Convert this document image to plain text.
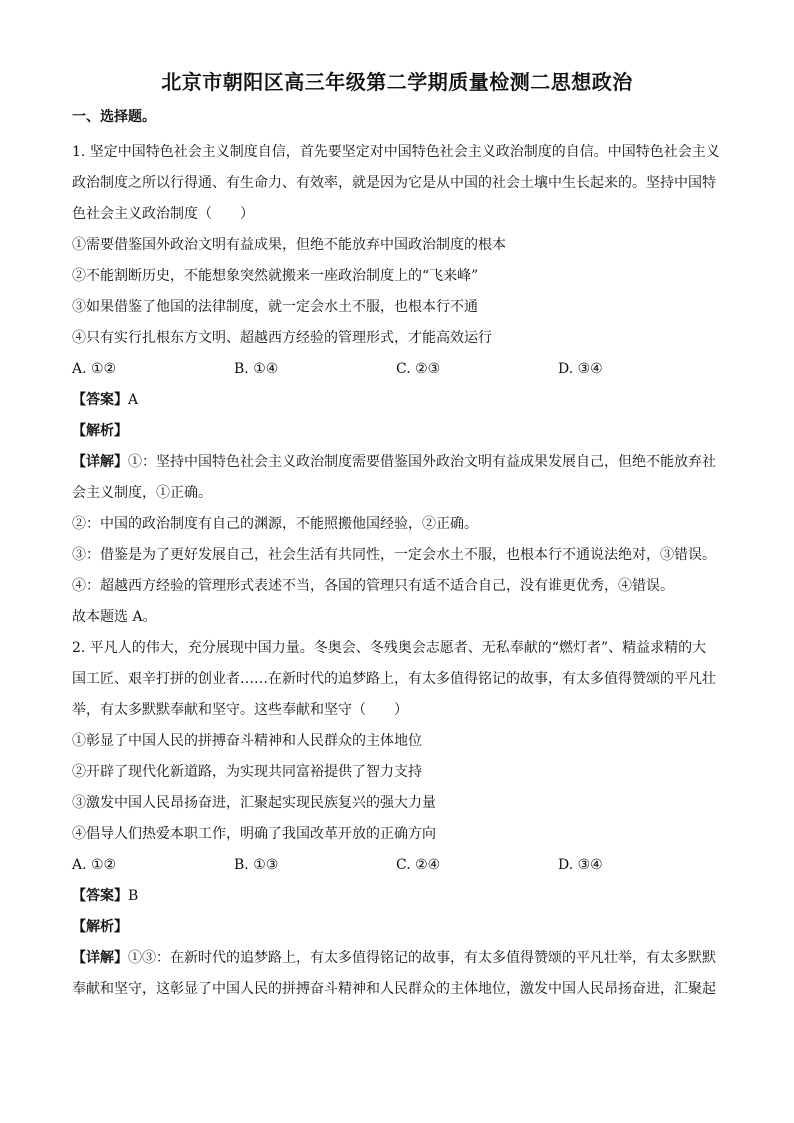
北京市朝阳区高三年级第二学期质量检测二思想政治
一、选择题。
1. 坚定中国特色社会主义制度自信，首先要坚定对中国特色社会主义政治制度的自信。中国特色社会主义
政治制度之所以行得通、有生命力、有效率，就是因为它是从中国的社会土壤中生长起来的。坚持中国特
色社会主义政治制度（　　）
①需要借鉴国外政治文明有益成果，但绝不能放弃中国政治制度的根本
②不能割断历史，不能想象突然就搬来一座政治制度上的“飞来峰”
③如果借鉴了他国的法律制度，就一定会水土不服，也根本行不通
④只有实行扎根东方文明、超越西方经验的管理形式，才能高效运行
A. ①②	B. ①④	C. ②③	D. ③④
【答案】A
【解析】
【详解】①：坚持中国特色社会主义政治制度需要借鉴国外政治文明有益成果发展自己，但绝不能放弃社
会主义制度，①正确。
②：中国的政治制度有自己的渊源，不能照搬他国经验，②正确。
③：借鉴是为了更好发展自己，社会生活有共同性，一定会水土不服，也根本行不通说法绝对，③错误。
④：超越西方经验的管理形式表述不当，各国的管理只有适不适合自己，没有谁更优秀，④错误。
故本题选 A。
2. 平凡人的伟大，充分展现中国力量。冬奥会、冬残奥会志愿者、无私奉献的“燃灯者”、精益求精的大
国工匠、艰辛打拼的创业者……在新时代的追梦路上，有太多值得铭记的故事，有太多值得赞颂的平凡壮
举，有太多默默奉献和坚守。这些奉献和坚守（　　）
①彰显了中国人民的拼搏奋斗精神和人民群众的主体地位
②开辟了现代化新道路，为实现共同富裕提供了智力支持
③激发中国人民昂扬奋进，汇聚起实现民族复兴的强大力量
④倡导人们热爱本职工作，明确了我国改革开放的正确方向
A. ①②	B. ①③	C. ②④	D. ③④
【答案】B
【解析】
【详解】①③：在新时代的追梦路上，有太多值得铭记的故事，有太多值得赞颂的平凡壮举，有太多默默
奉献和坚守，这彰显了中国人民的拼搏奋斗精神和人民群众的主体地位，激发中国人民昂扬奋进，汇聚起
